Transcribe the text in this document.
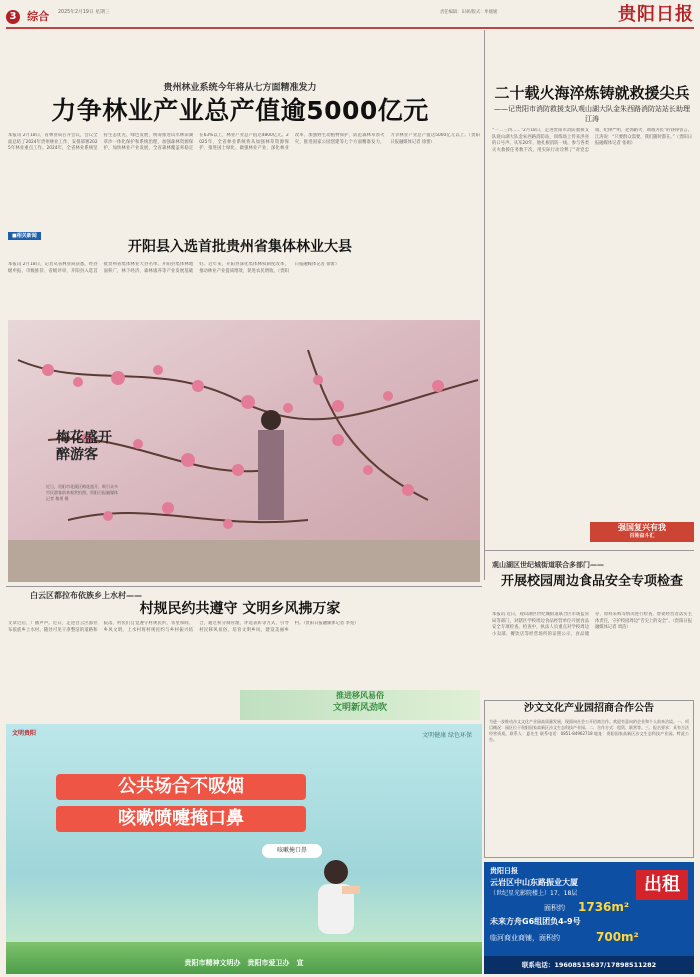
3 综合 2025年2月19日 星期三	责任编辑：田翠/版式：牟媛媛	贵阳日报
贵州林业系统今年将从七方面精准发力
力争林业产业总产值逾5000亿元
本报讯 2月18日，省林业局召开会议，会议全面总结了2024年贵州林业工作，安排部署2025年林业重点工作。2024年，全省林业系统坚持生态优先、绿色发展，统筹推进山水林田湖草沙一体化保护和系统治理，加强森林资源保护，加快林业产业发展，全省森林覆盖率稳定在63%以上，林业产业总产值达4800亿元。2025年，全省林业系统将从加强林草资源保护、推进国土绿化、做强林业产业、深化林业改革、加强野生动植物保护、防范森林草原火灾、推进国家公园创建等七个方面精准发力，力争林业产业总产值达5000亿元以上。（贵阳日报融媒体记者 徐蕾）
■相关新闻
开阳县入选首批贵州省集体林业大县
本报讯 2月18日，记者从省林业局获悉，经县级申报、市级推荐、省级评审，开阳县入选首批贵州省集体林业大县名单。开阳县集体林地面积广，林下经济、森林康养等产业发展基础好。近年来，开阳县深化集体林权制度改革，推动林业产业提质增效，促进农民增收。（贵阳日报融媒体记者 徐蕾）
梅花盛开 醉游客
近日，贵阳市花溪区梅花盛开，吸引众多市民游客前来观赏拍照。贵阳日报融媒体记者 黎勇 摄
二十载火海淬炼铸就救援尖兵
——记贵阳市消防救援支队观山湖大队金朱西路消防站站长助理江涛
“一二三四……”2月18日，走进贵阳市消防救援支队观山湖大队金朱西路消防站，训练场上传来洪亮的口号声。从军20年，他扎根消防一线，参与各类灭火救援任务数千次，用实际行动诠释了“对党忠诚、纪律严明、赴汤蹈火、竭诚为民”的铮铮誓言。江涛说：“只要群众需要，我们随时都在。”（贵阳日报融媒体记者 张娟）
强国复兴有我
百姓奋斗汇
观山湖区世纪城街道联合多部门——
开展校园周边食品安全专项检查
本报讯 近日，观山湖区世纪城街道联合区市场监管局等部门，对辖区学校周边食品经营单位开展食品安全专项检查。检查中，执法人员重点对学校周边小卖部、餐饮店等经营场所的证照公示、食品储存、原料采购等情况进行检查，督促经营者落实主体责任，守护校园周边“舌尖上的安全”。（贵阳日报融媒体记者 周洁）
白云区都拉布依族乡上水村——
村规民约共遵守 文明乡风拂万家
文章过后，广播声声。近日，走进白云区都拉布依族乡上水村，随处可见干净整洁的道路和院落，村民们自觉遵守村规民约，邻里和睦、乡风文明。上水村将村规民约与乡村振兴结合，通过积分制管理、评选表彰等方式，引导村民移风易俗，培育文明乡风，建设美丽乡村。（贵阳日报融媒体记者 李苑）
推进移风易俗
文明新风劲吹	沙文文化产业园招商合作公告
为进一步推动沙文文化产业园高质量发展，现面向社会公开招商合作。欢迎有意向的企业和个人前来洽谈。一、项目概况：园区位于贵阳国家高新区沙文生态科技产业园。二、合作方式：租赁、联营等。三、报名要求：具有合法经营资质。联系人：夏先生 联系电话：0851-84962718 地址：贵阳国家高新区沙文生态科技产业园。特此公告。
文明贵阳	文明健康 绿色环保
公共场合不吸烟
咳嗽喷嚏掩口鼻
咳嗽掩口鼻
贵阳市精神文明办　贵阳市爱卫办　宣
贵阳日报
出租
云岩区中山东路振业大厦
（世纪星光影院楼上）17、18层
面积约 1736m²
未来方舟G6组团负4-9号
临河商业商铺，面积约	700m²
联系电话：19608515637/17898511282
